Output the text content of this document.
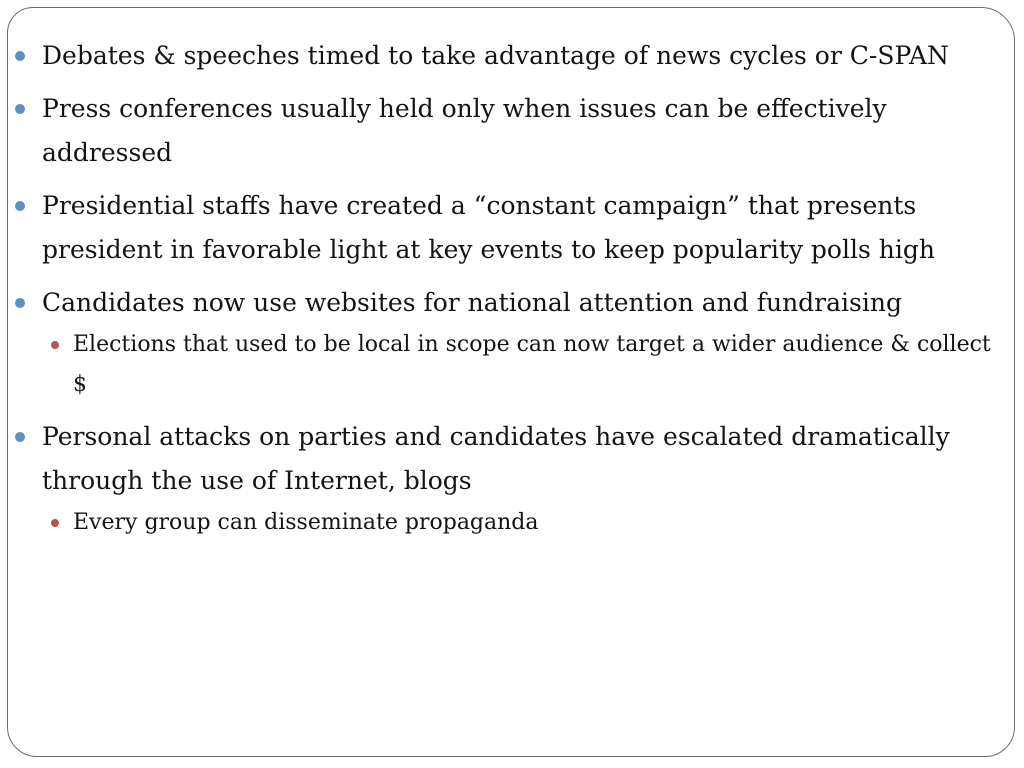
Debates & speeches timed to take advantage of news cycles or C-SPAN
Press conferences usually held only when issues can be effectively addressed
Presidential staffs have created a “constant campaign” that presents president in favorable light at key events to keep popularity polls high
Candidates now use websites for national attention and fundraising
Elections that used to be local in scope can now target a wider audience & collect $
Personal attacks on parties and candidates have escalated dramatically through the use of Internet, blogs
Every group can disseminate propaganda
